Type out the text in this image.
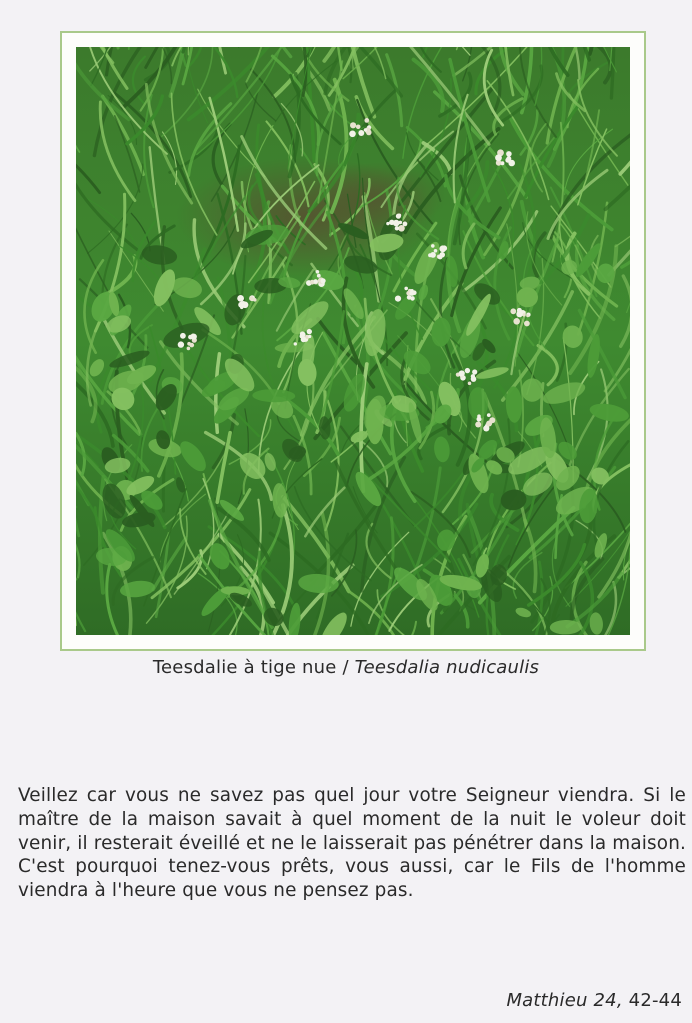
Teesdalie à tige nue / Teesdalia nudicaulis
Veillez car vous ne savez pas quel jour votre Seigneur viendra. Si le maître de la maison savait à quel moment de la nuit le voleur doit venir, il resterait éveillé et ne le laisserait pas pénétrer dans la maison. C'est pourquoi tenez-vous prêts, vous aussi, car le Fils de l'homme viendra à l'heure que vous ne pensez pas.
Matthieu 24, 42-44
